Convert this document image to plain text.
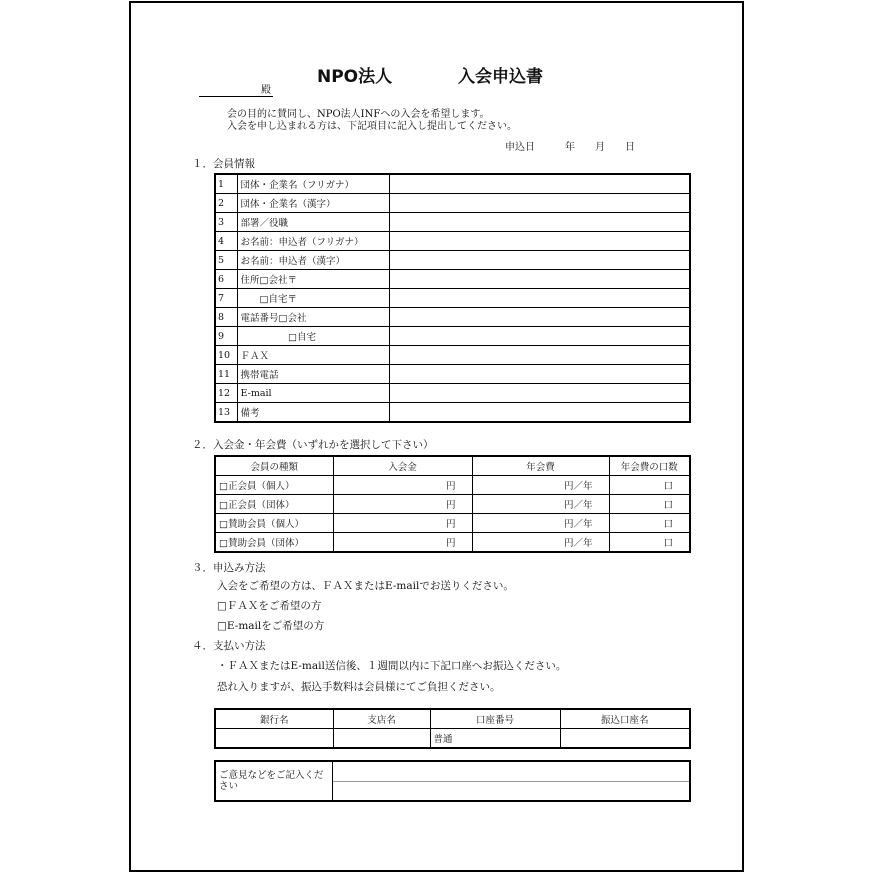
NPO法人	入会申込書
殿
会の目的に賛同し、NPO法人INFへの入会を希望します。
入会を申し込まれる方は、下記項目に記入し提出してください。
申込日　　　年　　月　　日
１．会員情報
1	団体・企業名（フリガナ）	
2	団体・企業名（漢字）	
3	部署／役職	
4	お名前：申込者（フリガナ）	
5	お名前：申込者（漢字）	
6	住所□会社〒	
7	　　□自宅〒	
8	電話番号□会社	
9	　　　　　□自宅	
10	ＦＡＸ	
11	携帯電話	
12	E-mail	
13	備考	
２．入会金・年会費（いずれかを選択して下さい）
会員の種類	入会金	年会費	年会費の口数
□正会員（個人）	円	円／年	口
□正会員（団体）	円	円／年	口
□賛助会員（個人）	円	円／年	口
□賛助会員（団体）	円	円／年	口
３．申込み方法
入会をご希望の方は、ＦＡＸまたはE-mailでお送りください。
□ＦＡＸをご希望の方
□E-mailをご希望の方
４．支払い方法
・ＦＡＸまたはE-mail送信後、１週間以内に下記口座へお振込ください。
恐れ入りますが、振込手数料は会員様にてご負担ください。
銀行名	支店名	口座番号	振込口座名
		普通	
ご意見などをご記入ください
